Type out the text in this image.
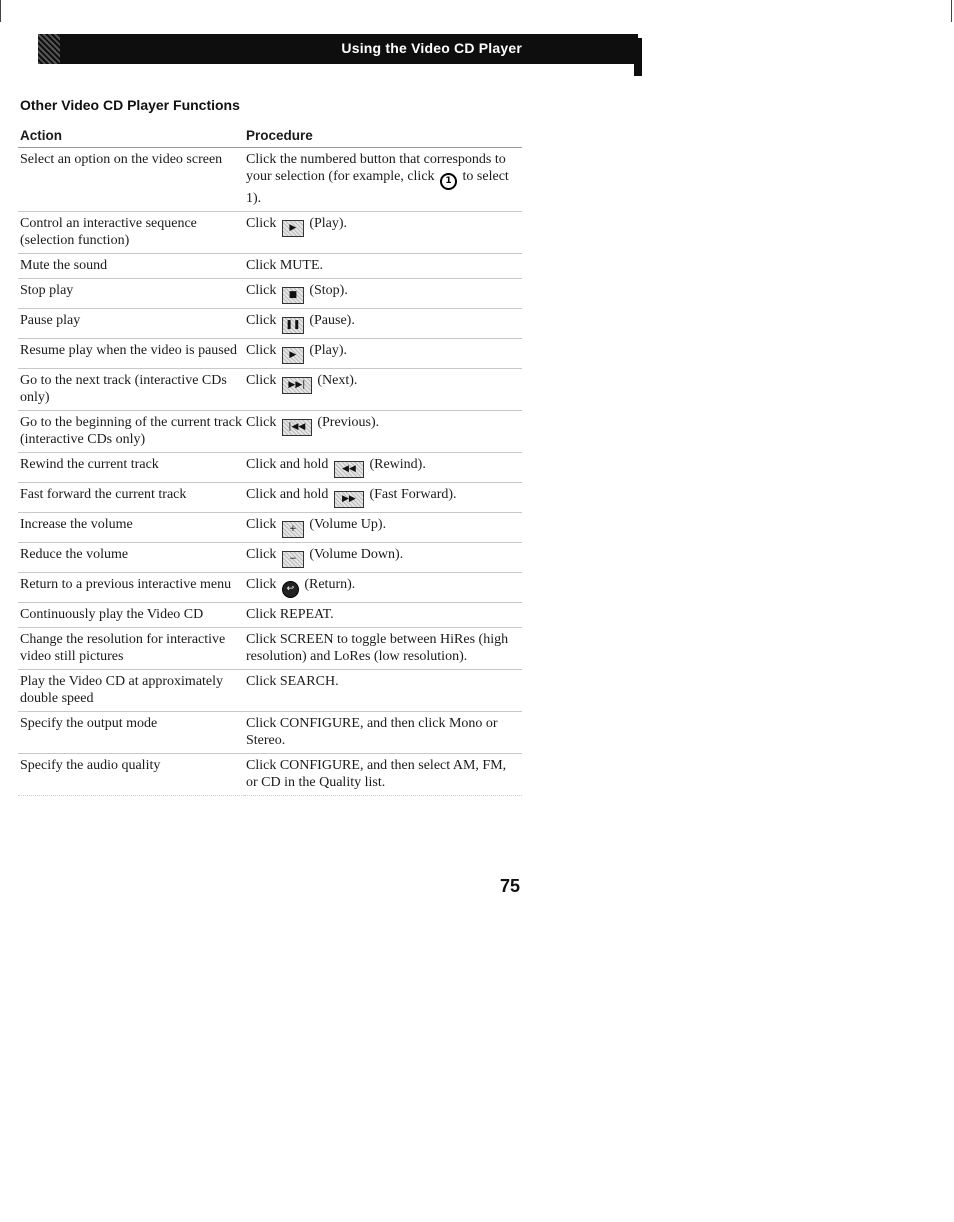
Using the Video CD Player
Other Video CD Player Functions
Action	Procedure
Select an option on the video screen	Click the numbered button that corresponds to your selection (for example, click 1 to select 1).
Control an interactive sequence (selection function)	Click ▶ (Play).
Mute the sound	Click MUTE.
Stop play	Click ■ (Stop).
Pause play	Click ❚❚ (Pause).
Resume play when the video is paused	Click ▶ (Play).
Go to the next track (interactive CDs only)	Click ▶▶| (Next).
Go to the beginning of the current track (interactive CDs only)	Click |◀◀ (Previous).
Rewind the current track	Click and hold ◀◀ (Rewind).
Fast forward the current track	Click and hold ▶▶ (Fast Forward).
Increase the volume	Click + (Volume Up).
Reduce the volume	Click − (Volume Down).
Return to a previous interactive menu	Click ↩ (Return).
Continuously play the Video CD	Click REPEAT.
Change the resolution for interactive video still pictures	Click SCREEN to toggle between HiRes (high resolution) and LoRes (low resolution).
Play the Video CD at approximately double speed	Click SEARCH.
Specify the output mode	Click CONFIGURE, and then click Mono or Stereo.
Specify the audio quality	Click CONFIGURE, and then select AM, FM, or CD in the Quality list.
75
